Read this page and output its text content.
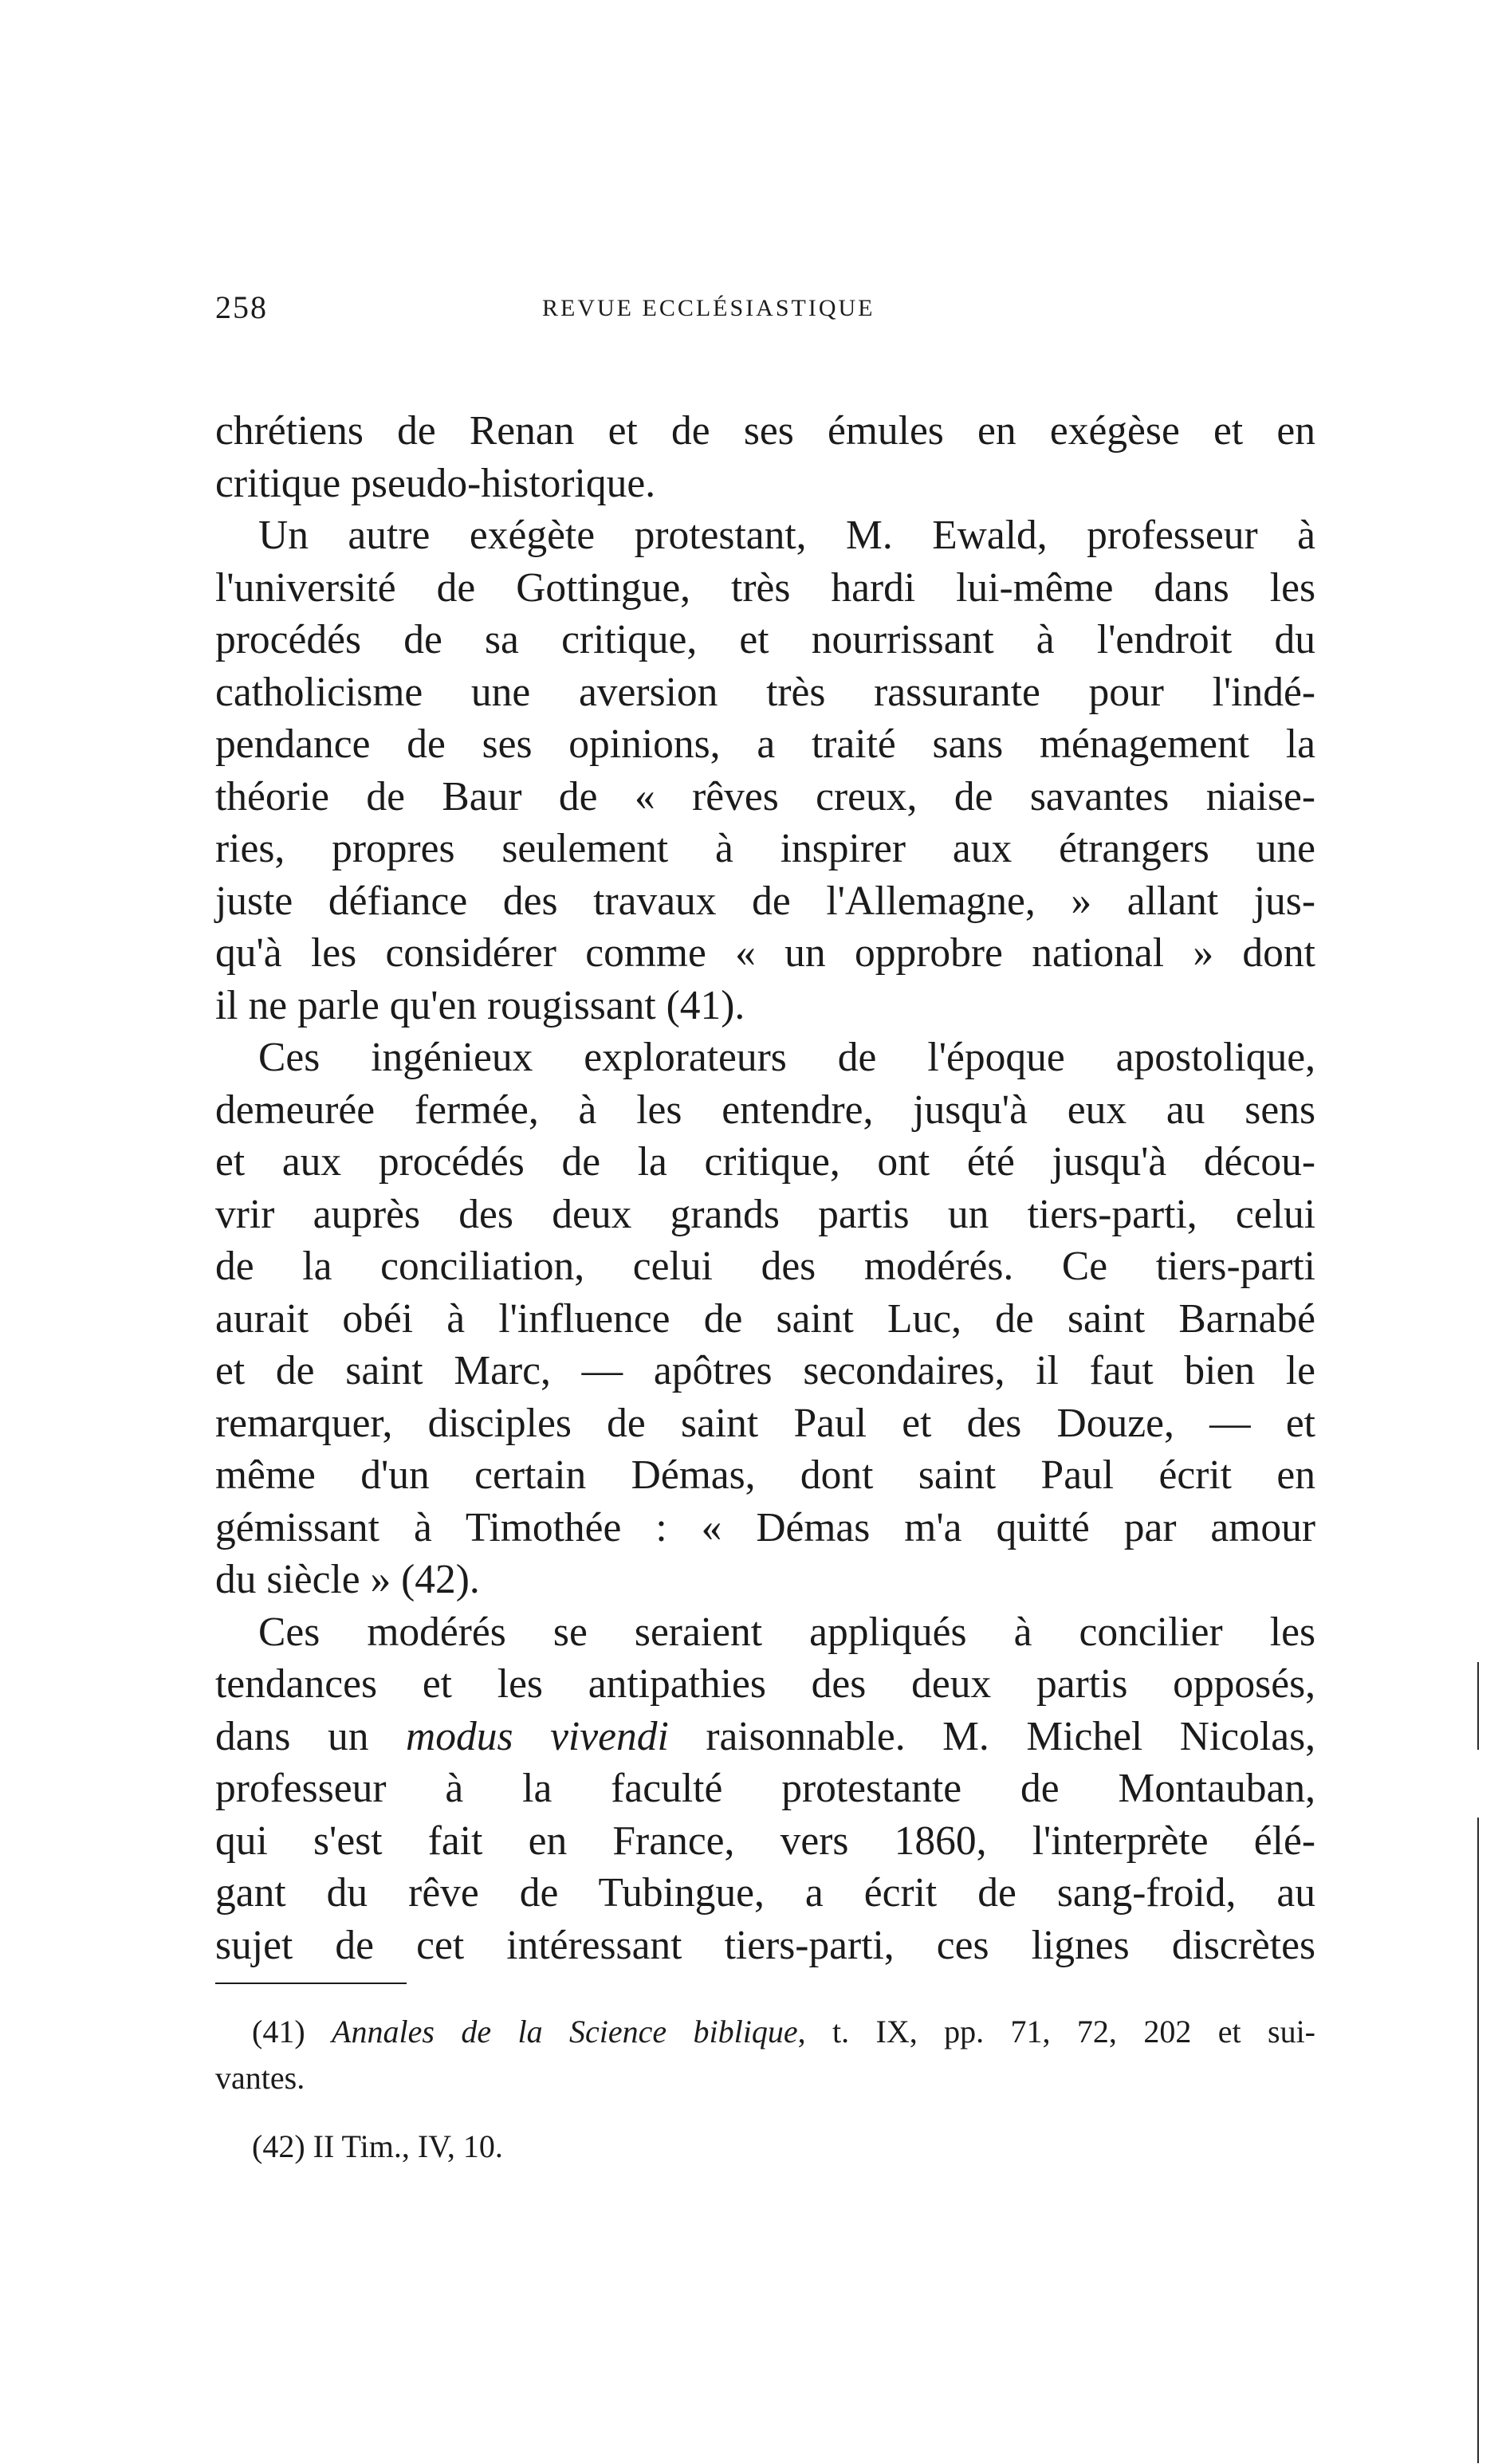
258	REVUE ECCLÉSIASTIQUE
chrétiens de Renan et de ses émules en exégèse et en
critique pseudo-historique.
Un autre exégète protestant, M. Ewald, professeur à
l'université de Gottingue, très hardi lui-même dans les
procédés de sa critique, et nourrissant à l'endroit du
catholicisme une aversion très rassurante pour l'indé-
pendance de ses opinions, a traité sans ménagement la
théorie de Baur de « rêves creux, de savantes niaise-
ries, propres seulement à inspirer aux étrangers une
juste défiance des travaux de l'Allemagne, » allant jus-
qu'à les considérer comme « un opprobre national » dont
il ne parle qu'en rougissant (41).
Ces ingénieux explorateurs de l'époque apostolique,
demeurée fermée, à les entendre, jusqu'à eux au sens
et aux procédés de la critique, ont été jusqu'à décou-
vrir auprès des deux grands partis un tiers-parti, celui
de la conciliation, celui des modérés. Ce tiers-parti
aurait obéi à l'influence de saint Luc, de saint Barnabé
et de saint Marc, — apôtres secondaires, il faut bien le
remarquer, disciples de saint Paul et des Douze, — et
même d'un certain Démas, dont saint Paul écrit en
gémissant à Timothée : « Démas m'a quitté par amour
du siècle » (42).
Ces modérés se seraient appliqués à concilier les
tendances et les antipathies des deux partis opposés,
dans un modus vivendi raisonnable. M. Michel Nicolas,
professeur à la faculté protestante de Montauban,
qui s'est fait en France, vers 1860, l'interprète élé-
gant du rêve de Tubingue, a écrit de sang-froid, au
sujet de cet intéressant tiers-parti, ces lignes discrètes
(41) Annales de la Science biblique, t. IX, pp. 71, 72, 202 et sui-
vantes.
(42) II Tim., IV, 10.
